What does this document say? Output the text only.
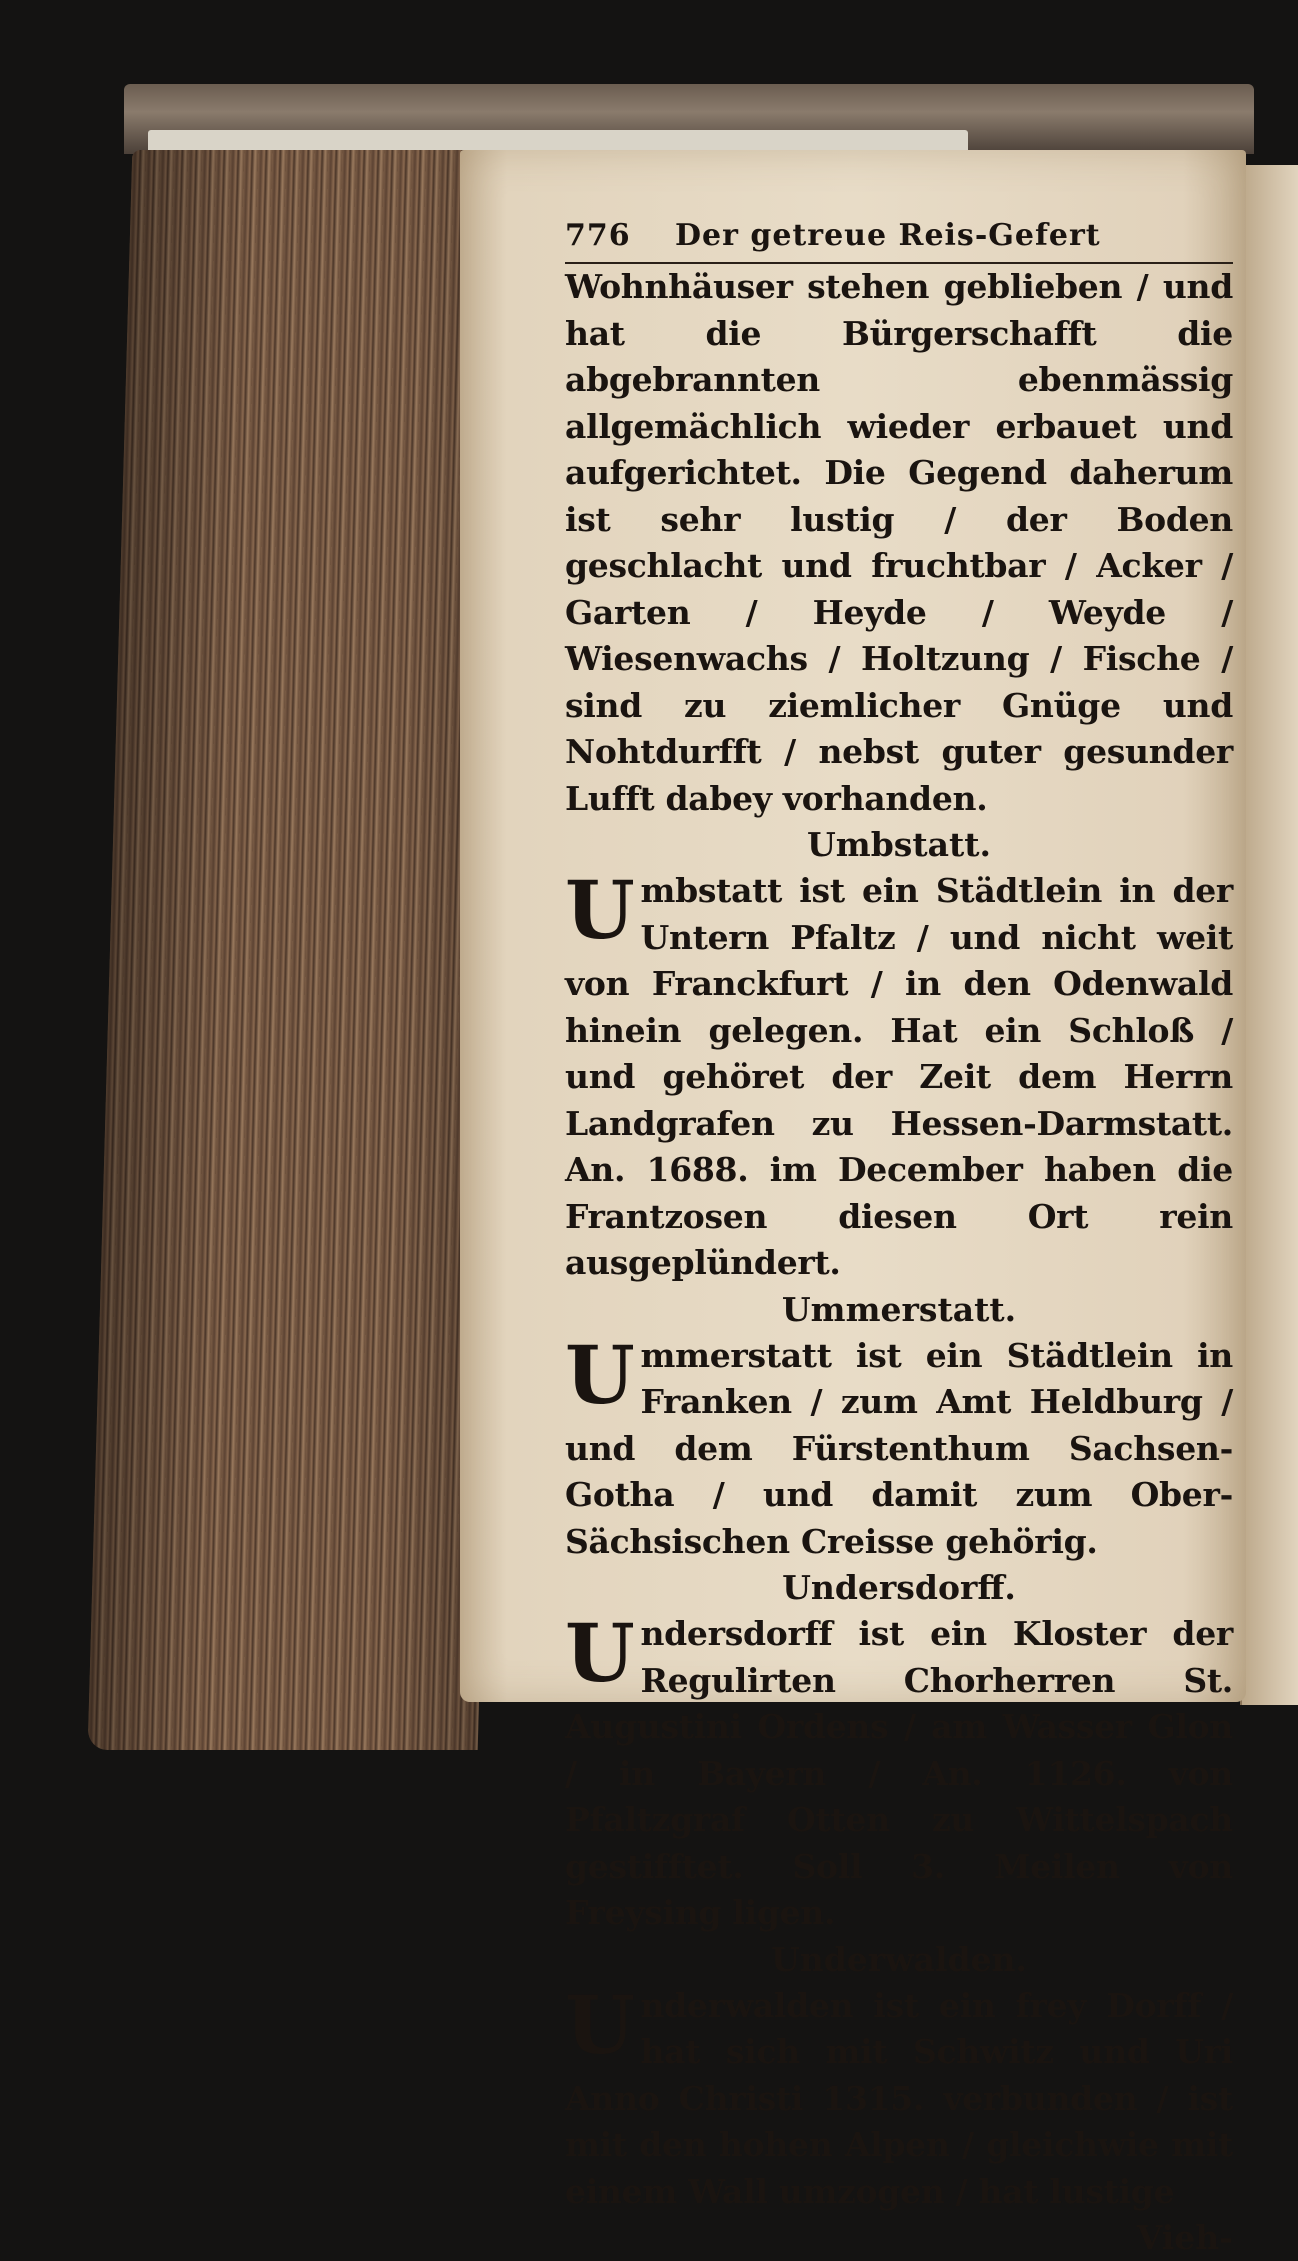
776	Der getreue Reis-Gefert

Wohnhäuser stehen geblieben / und hat die Bürgerschafft die abgebrannten ebenmässig allgemächlich wieder erbauet und aufgerichtet. Die Gegend daherum ist sehr lustig / der Boden geschlacht und fruchtbar / Acker / Garten / Heyde / Weyde / Wiesenwachs / Holtzung / Fische / sind zu ziemlicher Gnüge und Nohtdurfft / nebst guter gesunder Lufft dabey vorhanden.

Umbstatt.

Umbstatt ist ein Städtlein in der Untern Pfaltz / und nicht weit von Franckfurt / in den Odenwald hinein gelegen. Hat ein Schloß / und gehöret der Zeit dem Herrn Landgrafen zu Hessen-Darmstatt. An. 1688. im December haben die Frantzosen diesen Ort rein ausgeplündert.

Ummerstatt.

Ummerstatt ist ein Städtlein in Franken / zum Amt Heldburg / und dem Fürstenthum Sachsen-Gotha / und damit zum Ober-Sächsischen Creisse gehörig.

Undersdorff.

Undersdorff ist ein Kloster der Regulirten Chorherren St. Augustini Ordens / am Wasser Glon / in Bayern / An. 1126. von Pfaltzgraf Otten zu Wittelspach gestifftet. Soll 3. Meilen von Freysing ligen.

Underwalden.

Underwalden ist ein frey Dorff / hat sich mit Schwitz und Uri Anno Christi 1315. verbunden / ist mit den hohen Alpen / gleichwie mit einem Wall umzogen / hat lustige

Vieh-
